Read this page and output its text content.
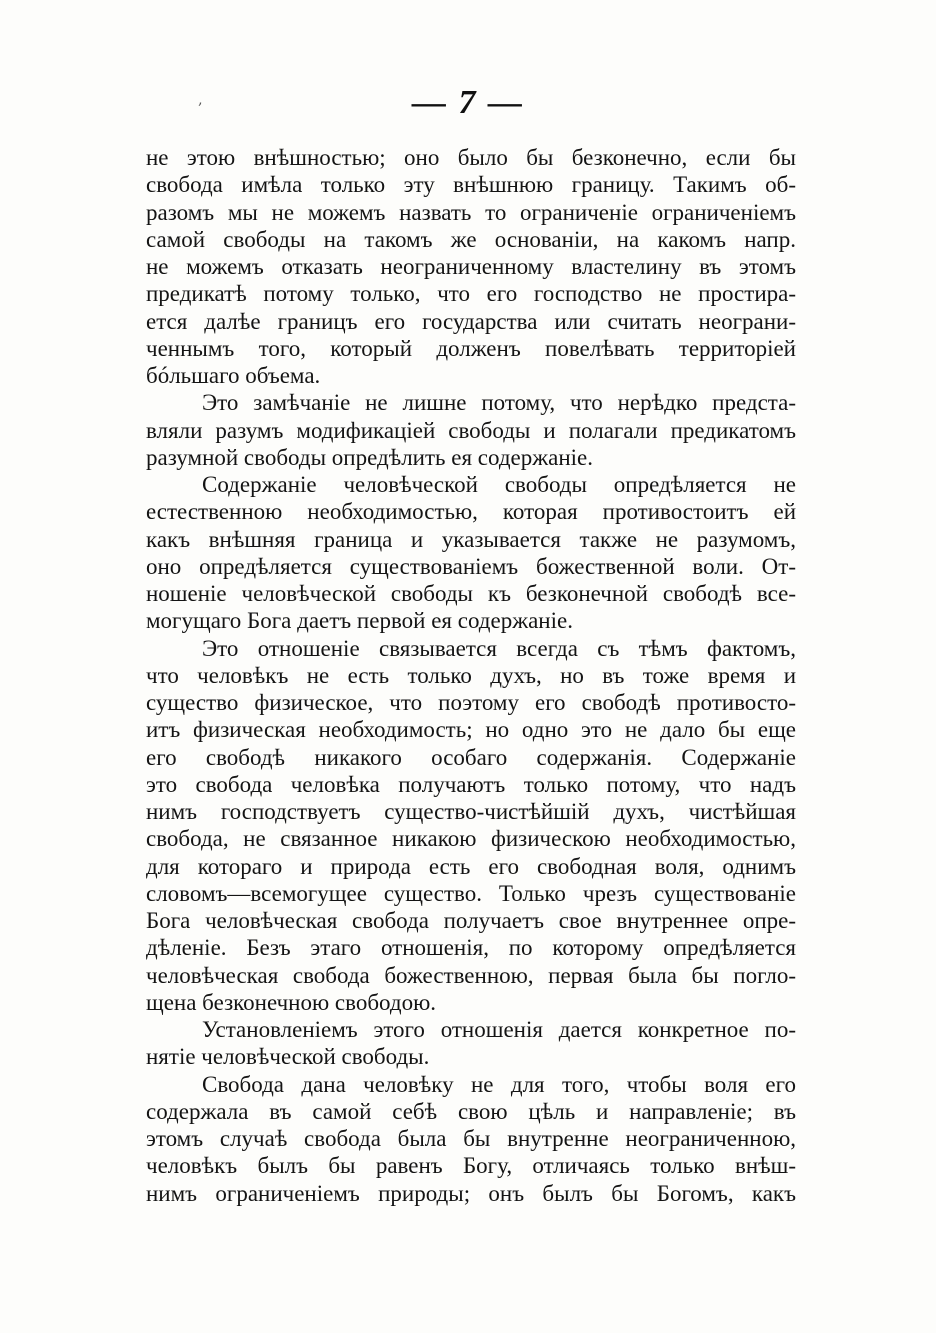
‚	— 7 —
не этою внѣшностью; оно было бы безконечно, если бы
свобода имѣла только эту внѣшнюю границу. Такимъ об-
разомъ мы не можемъ назвать то ограниченіе ограниченіемъ
самой свободы на такомъ же основаніи, на какомъ напр.
не можемъ отказать неограниченному властелину въ этомъ
предикатѣ потому только, что его господство не простира-
ется далѣе границъ его государства или считать неограни-
ченнымъ того, который долженъ повелѣвать территоріей
бóльшаго объема.
Это замѣчаніе не лишне потому, что нерѣдко предста-
вляли разумъ модификаціей свободы и полагали предикатомъ
разумной свободы опредѣлить ея содержаніе.
Содержаніе человѣческой свободы опредѣляется не
естественною необходимостью, которая противостоитъ ей
какъ внѣшняя граница и указывается также не разумомъ,
оно опредѣляется существованіемъ божественной воли. От-
ношеніе человѣческой свободы къ безконечной свободѣ все-
могущаго Бога даетъ первой ея содержаніе.
Это отношеніе связывается всегда съ тѣмъ фактомъ,
что человѣкъ не есть только духъ, но въ тоже время и
существо физическое, что поэтому его свободѣ противосто-
итъ физическая необходимость; но одно это не дало бы еще
его свободѣ никакого особаго содержанія. Содержаніе
это свобода человѣка получаютъ только потому, что надъ
нимъ господствуетъ существо-чистѣйшій духъ, чистѣйшая
свобода, не связанное никакою физическою необходимостью,
для котораго и природа есть его свободная воля, однимъ
словомъ—всемогущее существо. Только чрезъ существованіе
Бога человѣческая свобода получаетъ свое внутреннее опре-
дѣленіе. Безъ этаго отношенія, по которому опредѣляется
человѣческая свобода божественною, первая была бы погло-
щена безконечною свободою.
Установленіемъ этого отношенія дается конкретное по-
нятіе человѣческой свободы.
Свобода дана человѣку не для того, чтобы воля его
содержала въ самой себѣ свою цѣль и направленіе; въ
этомъ случаѣ свобода была бы внутренне неограниченною,
человѣкъ былъ бы равенъ Богу, отличаясь только внѣш-
нимъ ограниченіемъ природы; онъ былъ бы Богомъ, какъ
